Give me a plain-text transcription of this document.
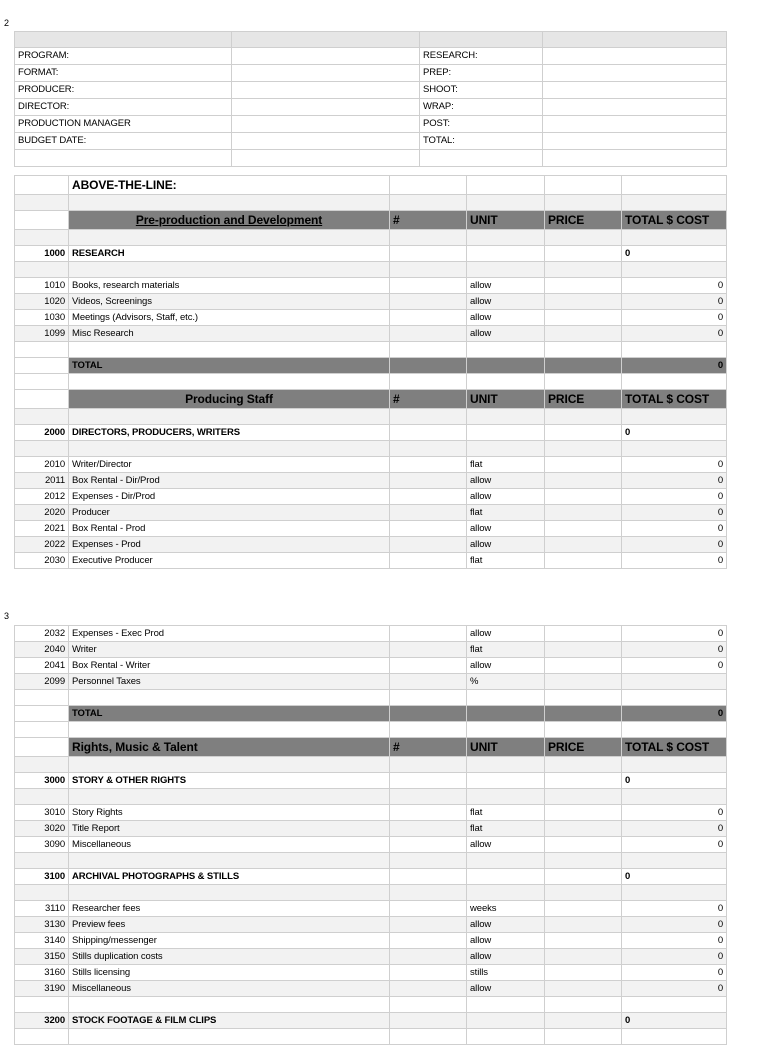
2

PROGRAM:		RESEARCH:	
FORMAT:		PREP:	
PRODUCER:		SHOOT:	
DIRECTOR:		WRAP:	
PRODUCTION MANAGER		POST:	
BUDGET DATE:		TOTAL:	

	ABOVE-THE-LINE:				

	Pre-production and Development	#	UNIT	PRICE	TOTAL $ COST

1000	RESEARCH				0

1010	Books, research materials		allow		0
1020	Videos, Screenings		allow		0
1030	Meetings (Advisors, Staff, etc.)		allow		0
1099	Misc Research		allow		0

	TOTAL				0

	Producing Staff	#	UNIT	PRICE	TOTAL $ COST

2000	DIRECTORS, PRODUCERS, WRITERS				0

2010	Writer/Director		flat		0
2011	Box Rental - Dir/Prod		allow		0
2012	Expenses - Dir/Prod		allow		0
2020	Producer		flat		0
2021	Box Rental - Prod		allow		0
2022	Expenses - Prod		allow		0
2030	Executive Producer		flat		0
3
2032	Expenses - Exec Prod		allow		0
2040	Writer		flat		0
2041	Box Rental - Writer		allow		0
2099	Personnel Taxes		%		

	TOTAL				0

	Rights, Music & Talent	#	UNIT	PRICE	TOTAL $ COST

3000	STORY & OTHER RIGHTS				0

3010	Story Rights		flat		0
3020	Title Report		flat		0
3090	Miscellaneous		allow		0

3100	ARCHIVAL PHOTOGRAPHS & STILLS				0

3110	Researcher fees		weeks		0
3130	Preview fees		allow		0
3140	Shipping/messenger		allow		0
3150	Stills duplication costs		allow		0
3160	Stills licensing		stills		0
3190	Miscellaneous		allow		0

3200	STOCK FOOTAGE & FILM CLIPS				0
